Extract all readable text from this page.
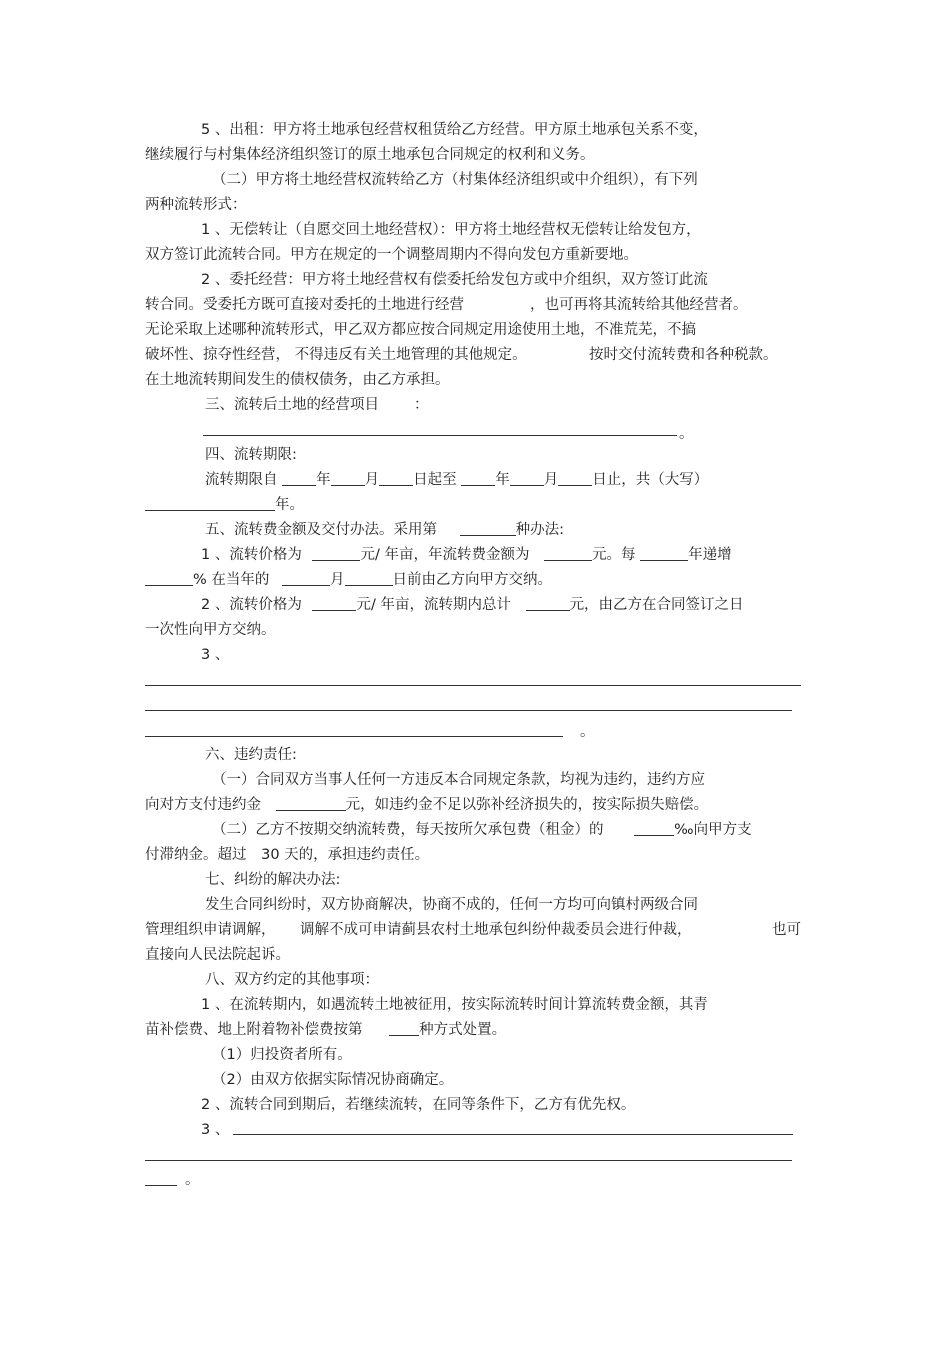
5 、出租：甲方将土地承包经营权租赁给乙方经营。甲方原土地承包关系不变，
继续履行与村集体经济组织签订的原土地承包合同规定的权利和义务。
（二）甲方将土地经营权流转给乙方（村集体经济组织或中介组织），有下列
两种流转形式：
1 、无偿转让（自愿交回土地经营权）：甲方将土地经营权无偿转让给发包方，
双方签订此流转合同。甲方在规定的一个调整周期内不得向发包方重新要地。
2 、委托经营：甲方将土地经营权有偿委托给发包方或中介组织，双方签订此流
转合同。受委托方既可直接对委托的土地进行经营	，也可再将其流转给其他经营者。
无论采取上述哪种流转形式，甲乙双方都应按合同规定用途使用土地，不准荒芜，不搞
破坏性、掠夺性经营， 不得违反有关土地管理的其他规定。	按时交付流转费和各种税款。
在土地流转期间发生的债权债务，由乙方承担。
三、流转后土地的经营项目 ：
。
四、流转期限:
流转期限自	年 月 日起至	年 月 日止，共（大写）
年。
五、流转费金额及交付办法。采用第	种办法:
1 、流转价格为	元/ 年亩，年流转费金额为	元。每	年递增
% 在当年的	月	日前由乙方向甲方交纳。
2 、流转价格为	元/ 年亩，流转期内总计	元，由乙方在合同签订之日
一次性向甲方交纳。
3 、
。
六、违约责任:
（一）合同双方当事人任何一方违反本合同规定条款，均视为违约，违约方应
向对方支付违约金	元，如违约金不足以弥补经济损失的，按实际损失赔偿。
（二）乙方不按期交纳流转费，每天按所欠承包费（租金）的	‰向甲方支
付滞纳金。超过 30 天的，承担违约责任。
七、纠纷的解决办法:
发生合同纠纷时，双方协商解决，协商不成的，任何一方均可向镇村两级合同
管理组织申请调解， 调解不成可申请蓟县农村土地承包纠纷仲裁委员会进行仲裁，	也可
直接向人民法院起诉。
八、双方约定的其他事项：
1 、在流转期内，如遇流转土地被征用，按实际流转时间计算流转费金额，其青
苗补偿费、地上附着物补偿费按第	种方式处置。
（1）归投资者所有。
（2）由双方依据实际情况协商确定。
2 、流转合同到期后，若继续流转，在同等条件下，乙方有优先权。
3 、
。
